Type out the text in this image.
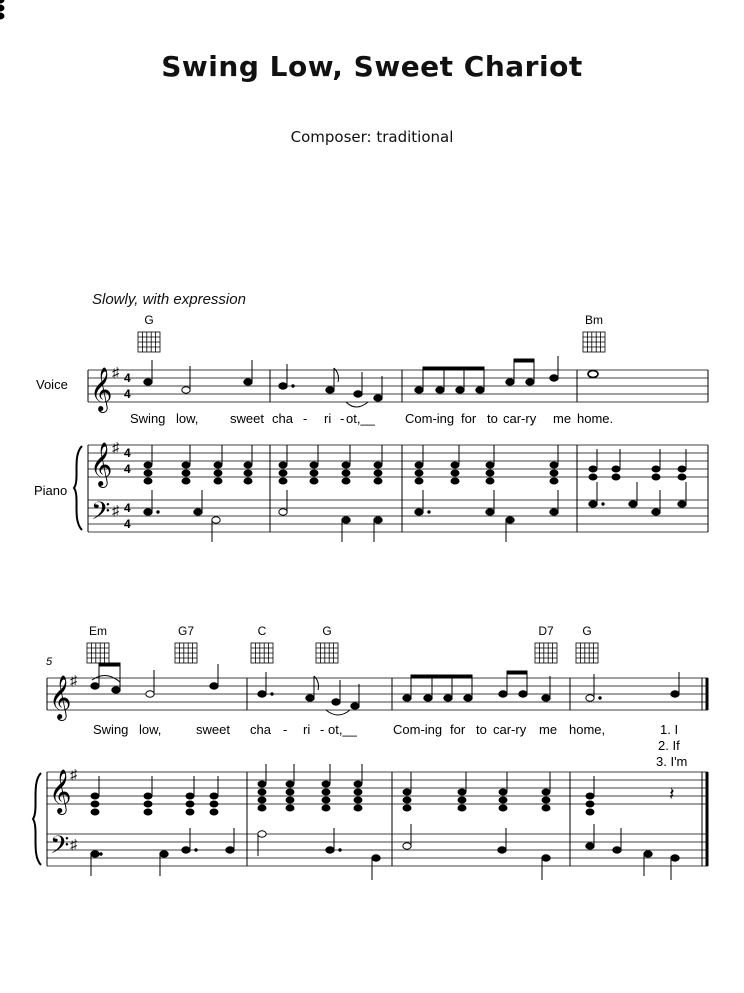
Swing Low, Sweet Chariot
Composer: traditional
Slowly, with expression
𝄞
𝄞
𝄢
♯
♯
♯
4
4
4
4
4
4
Swing low, sweet cha - ri - ot,__ Com-ing for to car-ry me home.
G	Bm
𝄞
𝄞
𝄢
♯
♯
♯
5
Swing low,	sweet cha - ri - ot,__	Com-ing for to car-ry me home,	1. I
2. If
3. I'm
𝄽
Em	G7	C	G	D7 G
Voice
Piano
